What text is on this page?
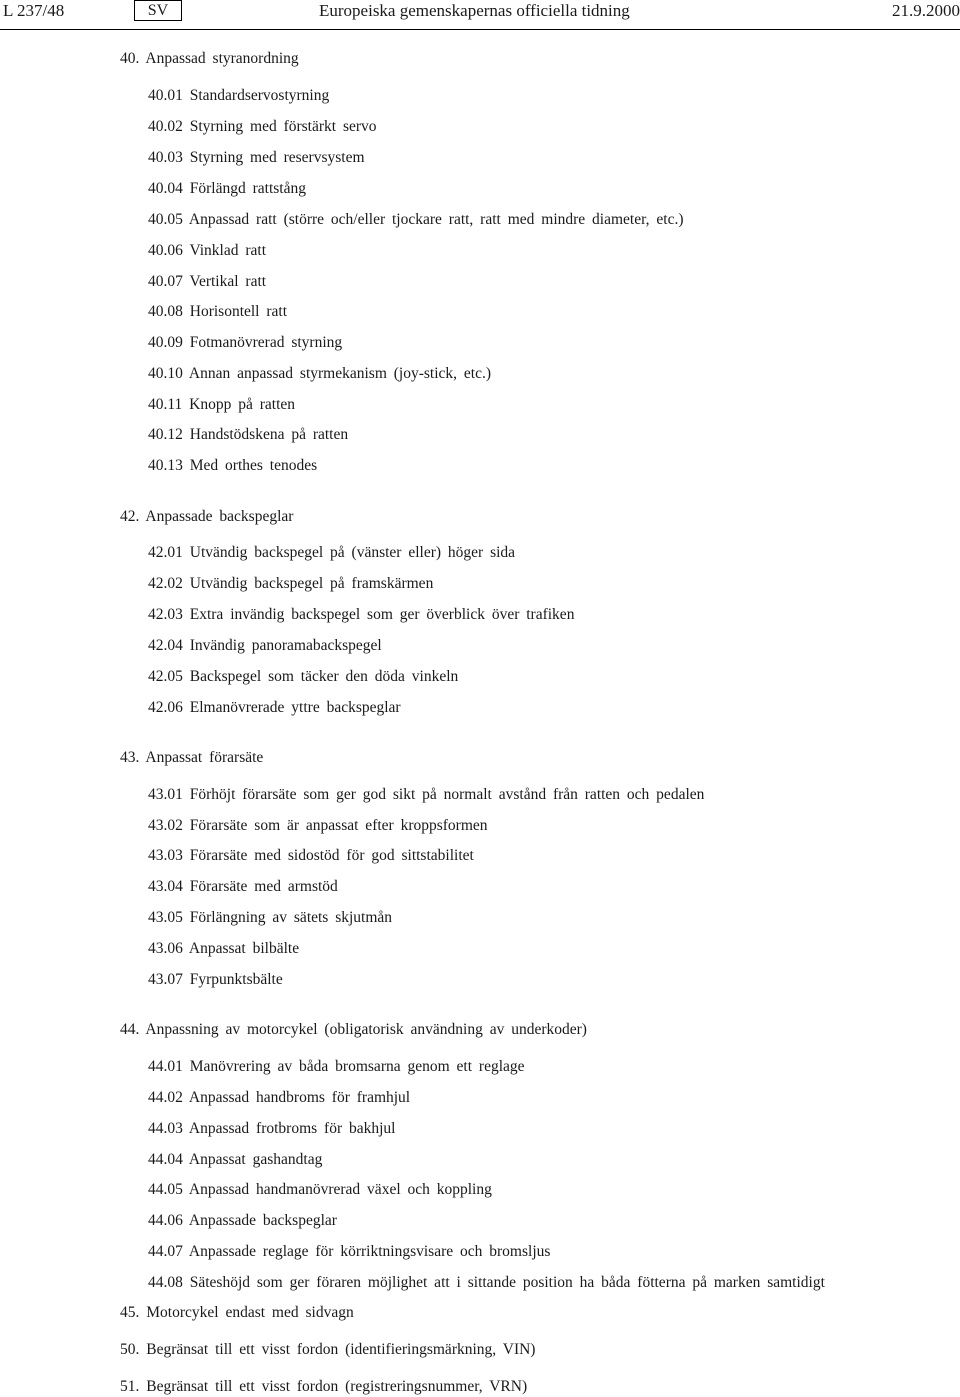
L 237/48	SV	Europeiska gemenskapernas officiella tidning	21.9.2000
40. Anpassad styranordning
40.01 Standardservostyrning
40.02 Styrning med förstärkt servo
40.03 Styrning med reservsystem
40.04 Förlängd rattstång
40.05 Anpassad ratt (större och/eller tjockare ratt, ratt med mindre diameter, etc.)
40.06 Vinklad ratt
40.07 Vertikal ratt
40.08 Horisontell ratt
40.09 Fotmanövrerad styrning
40.10 Annan anpassad styrmekanism (joy-stick, etc.)
40.11 Knopp på ratten
40.12 Handstödskena på ratten
40.13 Med orthes tenodes
42. Anpassade backspeglar
42.01 Utvändig backspegel på (vänster eller) höger sida
42.02 Utvändig backspegel på framskärmen
42.03 Extra invändig backspegel som ger överblick över trafiken
42.04 Invändig panoramabackspegel
42.05 Backspegel som täcker den döda vinkeln
42.06 Elmanövrerade yttre backspeglar
43. Anpassat förarsäte
43.01 Förhöjt förarsäte som ger god sikt på normalt avstånd från ratten och pedalen
43.02 Förarsäte som är anpassat efter kroppsformen
43.03 Förarsäte med sidostöd för god sittstabilitet
43.04 Förarsäte med armstöd
43.05 Förlängning av sätets skjutmån
43.06 Anpassat bilbälte
43.07 Fyrpunktsbälte
44. Anpassning av motorcykel (obligatorisk användning av underkoder)
44.01 Manövrering av båda bromsarna genom ett reglage
44.02 Anpassad handbroms för framhjul
44.03 Anpassad frotbroms för bakhjul
44.04 Anpassat gashandtag
44.05 Anpassad handmanövrerad växel och koppling
44.06 Anpassade backspeglar
44.07 Anpassade reglage för körriktningsvisare och bromsljus
44.08 Säteshöjd som ger föraren möjlighet att i sittande position ha båda fötterna på marken samtidigt
45. Motorcykel endast med sidvagn
50. Begränsat till ett visst fordon (identifieringsmärkning, VIN)
51. Begränsat till ett visst fordon (registreringsnummer, VRN)
